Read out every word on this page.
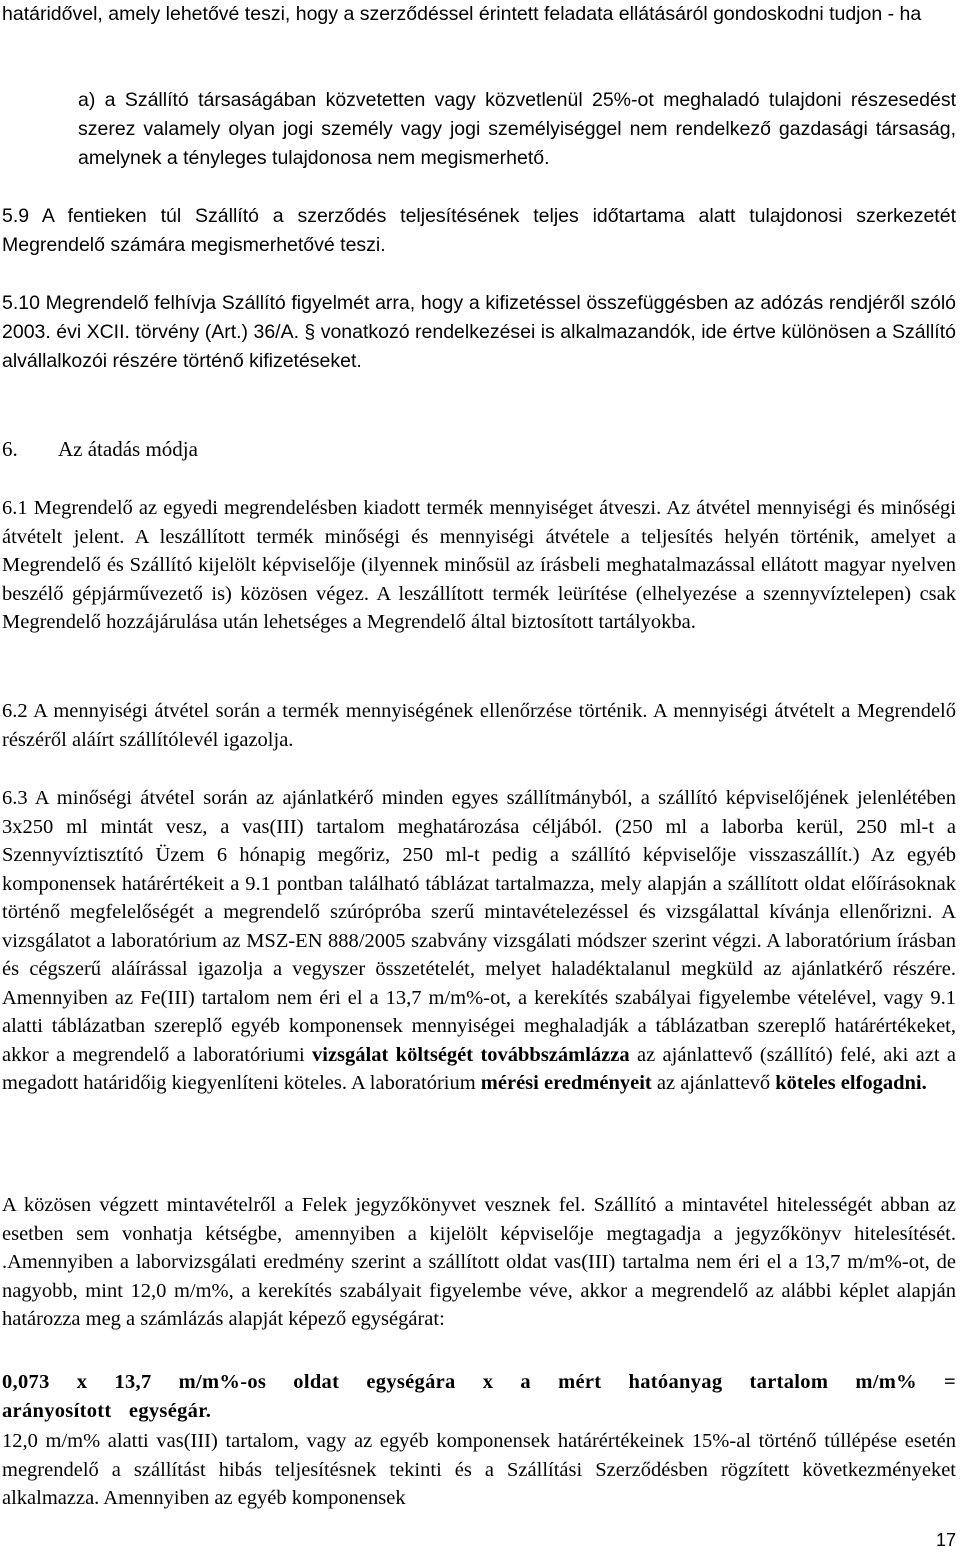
határidővel, amely lehetővé teszi, hogy a szerződéssel érintett feladata ellátásáról gondoskodni tudjon - ha

a) a Szállító társaságában közvetetten vagy közvetlenül 25%-ot meghaladó tulajdoni részesedést szerez valamely olyan jogi személy vagy jogi személyiséggel nem rendelkező gazdasági társaság, amelynek a tényleges tulajdonosa nem megismerhető.

5.9 A fentieken túl Szállító a szerződés teljesítésének teljes időtartama alatt tulajdonosi szerkezetét Megrendelő számára megismerhetővé teszi.

5.10 Megrendelő felhívja Szállító figyelmét arra, hogy a kifizetéssel összefüggésben az adózás rendjéről szóló 2003. évi XCII. törvény (Art.) 36/A. § vonatkozó rendelkezései is alkalmazandók, ide értve különösen a Szállító alvállalkozói részére történő kifizetéseket.

6. Az átadás módja

6.1 Megrendelő az egyedi megrendelésben kiadott termék mennyiséget átveszi. Az átvétel mennyiségi és minőségi átvételt jelent. A leszállított termék minőségi és mennyiségi átvétele a teljesítés helyén történik, amelyet a Megrendelő és Szállító kijelölt képviselője (ilyennek minősül az írásbeli meghatalmazással ellátott magyar nyelven beszélő gépjárművezető is) közösen végez. A leszállított termék leürítése (elhelyezése a szennyvíztelepen) csak Megrendelő hozzájárulása után lehetséges a Megrendelő által biztosított tartályokba.

6.2 A mennyiségi átvétel során a termék mennyiségének ellenőrzése történik. A mennyiségi átvételt a Megrendelő részéről aláírt szállítólevél igazolja.

6.3 A minőségi átvétel során az ajánlatkérő minden egyes szállítmányból, a szállító képviselőjének jelenlétében 3x250 ml mintát vesz, a vas(III) tartalom meghatározása céljából. (250 ml a laborba kerül, 250 ml-t a Szennyvíztisztító Üzem 6 hónapig megőriz, 250 ml-t pedig a szállító képviselője visszaszállít.) Az egyéb komponensek határértékeit a 9.1 pontban található táblázat tartalmazza, mely alapján a szállított oldat előírásoknak történő megfelelőségét a megrendelő szúrópróba szerű mintavételezéssel és vizsgálattal kívánja ellenőrizni. A vizsgálatot a laboratórium az MSZ-EN 888/2005 szabvány vizsgálati módszer szerint végzi. A laboratórium írásban és cégszerű aláírással igazolja a vegyszer összetételét, melyet haladéktalanul megküld az ajánlatkérő részére. Amennyiben az Fe(III) tartalom nem éri el a 13,7 m/m%-ot, a kerekítés szabályai figyelembe vételével, vagy 9.1 alatti táblázatban szereplő egyéb komponensek mennyiségei meghaladják a táblázatban szereplő határértékeket, akkor a megrendelő a laboratóriumi vizsgálat költségét továbbszámlázza az ajánlattevő (szállító) felé, aki azt a megadott határidőig kiegyenlíteni köteles. A laboratórium mérési eredményeit az ajánlattevő köteles elfogadni.

A közösen végzett mintavételről a Felek jegyzőkönyvet vesznek fel. Szállító a mintavétel hitelességét abban az esetben sem vonhatja kétségbe, amennyiben a kijelölt képviselője megtagadja a jegyzőkönyv hitelesítését. .Amennyiben a laborvizsgálati eredmény szerint a szállított oldat vas(III) tartalma nem éri el a 13,7 m/m%-ot, de nagyobb, mint 12,0 m/m%, a kerekítés szabályait figyelembe véve, akkor a megrendelő az alábbi képlet alapján határozza meg a számlázás alapját képező egységárat:

0,073 x 13,7 m/m%-os oldat egységára x a mért hatóanyag tartalom m/m% = arányosított egységár.

12,0 m/m% alatti vas(III) tartalom, vagy az egyéb komponensek határértékeinek 15%-al történő túllépése esetén megrendelő a szállítást hibás teljesítésnek tekinti és a Szállítási Szerződésben rögzített következményeket alkalmazza. Amennyiben az egyéb komponensek

17
